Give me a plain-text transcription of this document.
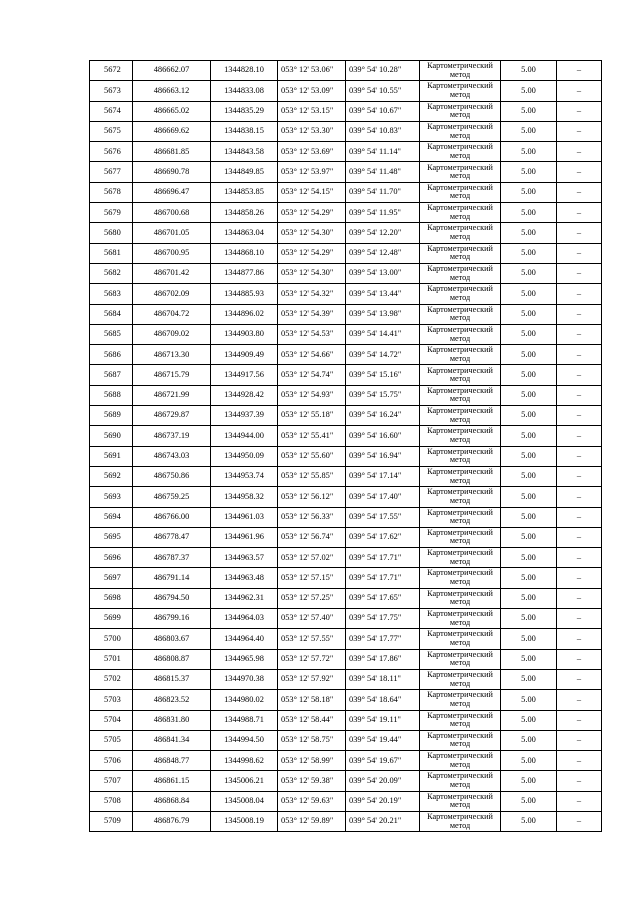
5672	486662.07	1344828.10	053° 12' 53.06"	039° 54' 10.28"	Картометрический метод	5.00	–
5673	486663.12	1344833.08	053° 12' 53.09"	039° 54' 10.55"	Картометрический метод	5.00	–
5674	486665.02	1344835.29	053° 12' 53.15"	039° 54' 10.67"	Картометрический метод	5.00	–
5675	486669.62	1344838.15	053° 12' 53.30"	039° 54' 10.83"	Картометрический метод	5.00	–
5676	486681.85	1344843.58	053° 12' 53.69"	039° 54' 11.14"	Картометрический метод	5.00	–
5677	486690.78	1344849.85	053° 12' 53.97"	039° 54' 11.48"	Картометрический метод	5.00	–
5678	486696.47	1344853.85	053° 12' 54.15"	039° 54' 11.70"	Картометрический метод	5.00	–
5679	486700.68	1344858.26	053° 12' 54.29"	039° 54' 11.95"	Картометрический метод	5.00	–
5680	486701.05	1344863.04	053° 12' 54.30"	039° 54' 12.20"	Картометрический метод	5.00	–
5681	486700.95	1344868.10	053° 12' 54.29"	039° 54' 12.48"	Картометрический метод	5.00	–
5682	486701.42	1344877.86	053° 12' 54.30"	039° 54' 13.00"	Картометрический метод	5.00	–
5683	486702.09	1344885.93	053° 12' 54.32"	039° 54' 13.44"	Картометрический метод	5.00	–
5684	486704.72	1344896.02	053° 12' 54.39"	039° 54' 13.98"	Картометрический метод	5.00	–
5685	486709.02	1344903.80	053° 12' 54.53"	039° 54' 14.41"	Картометрический метод	5.00	–
5686	486713.30	1344909.49	053° 12' 54.66"	039° 54' 14.72"	Картометрический метод	5.00	–
5687	486715.79	1344917.56	053° 12' 54.74"	039° 54' 15.16"	Картометрический метод	5.00	–
5688	486721.99	1344928.42	053° 12' 54.93"	039° 54' 15.75"	Картометрический метод	5.00	–
5689	486729.87	1344937.39	053° 12' 55.18"	039° 54' 16.24"	Картометрический метод	5.00	–
5690	486737.19	1344944.00	053° 12' 55.41"	039° 54' 16.60"	Картометрический метод	5.00	–
5691	486743.03	1344950.09	053° 12' 55.60"	039° 54' 16.94"	Картометрический метод	5.00	–
5692	486750.86	1344953.74	053° 12' 55.85"	039° 54' 17.14"	Картометрический метод	5.00	–
5693	486759.25	1344958.32	053° 12' 56.12"	039° 54' 17.40"	Картометрический метод	5.00	–
5694	486766.00	1344961.03	053° 12' 56.33"	039° 54' 17.55"	Картометрический метод	5.00	–
5695	486778.47	1344961.96	053° 12' 56.74"	039° 54' 17.62"	Картометрический метод	5.00	–
5696	486787.37	1344963.57	053° 12' 57.02"	039° 54' 17.71"	Картометрический метод	5.00	–
5697	486791.14	1344963.48	053° 12' 57.15"	039° 54' 17.71"	Картометрический метод	5.00	–
5698	486794.50	1344962.31	053° 12' 57.25"	039° 54' 17.65"	Картометрический метод	5.00	–
5699	486799.16	1344964.03	053° 12' 57.40"	039° 54' 17.75"	Картометрический метод	5.00	–
5700	486803.67	1344964.40	053° 12' 57.55"	039° 54' 17.77"	Картометрический метод	5.00	–
5701	486808.87	1344965.98	053° 12' 57.72"	039° 54' 17.86"	Картометрический метод	5.00	–
5702	486815.37	1344970.38	053° 12' 57.92"	039° 54' 18.11"	Картометрический метод	5.00	–
5703	486823.52	1344980.02	053° 12' 58.18"	039° 54' 18.64"	Картометрический метод	5.00	–
5704	486831.80	1344988.71	053° 12' 58.44"	039° 54' 19.11"	Картометрический метод	5.00	–
5705	486841.34	1344994.50	053° 12' 58.75"	039° 54' 19.44"	Картометрический метод	5.00	–
5706	486848.77	1344998.62	053° 12' 58.99"	039° 54' 19.67"	Картометрический метод	5.00	–
5707	486861.15	1345006.21	053° 12' 59.38"	039° 54' 20.09"	Картометрический метод	5.00	–
5708	486868.84	1345008.04	053° 12' 59.63"	039° 54' 20.19"	Картометрический метод	5.00	–
5709	486876.79	1345008.19	053° 12' 59.89"	039° 54' 20.21"	Картометрический метод	5.00	–
